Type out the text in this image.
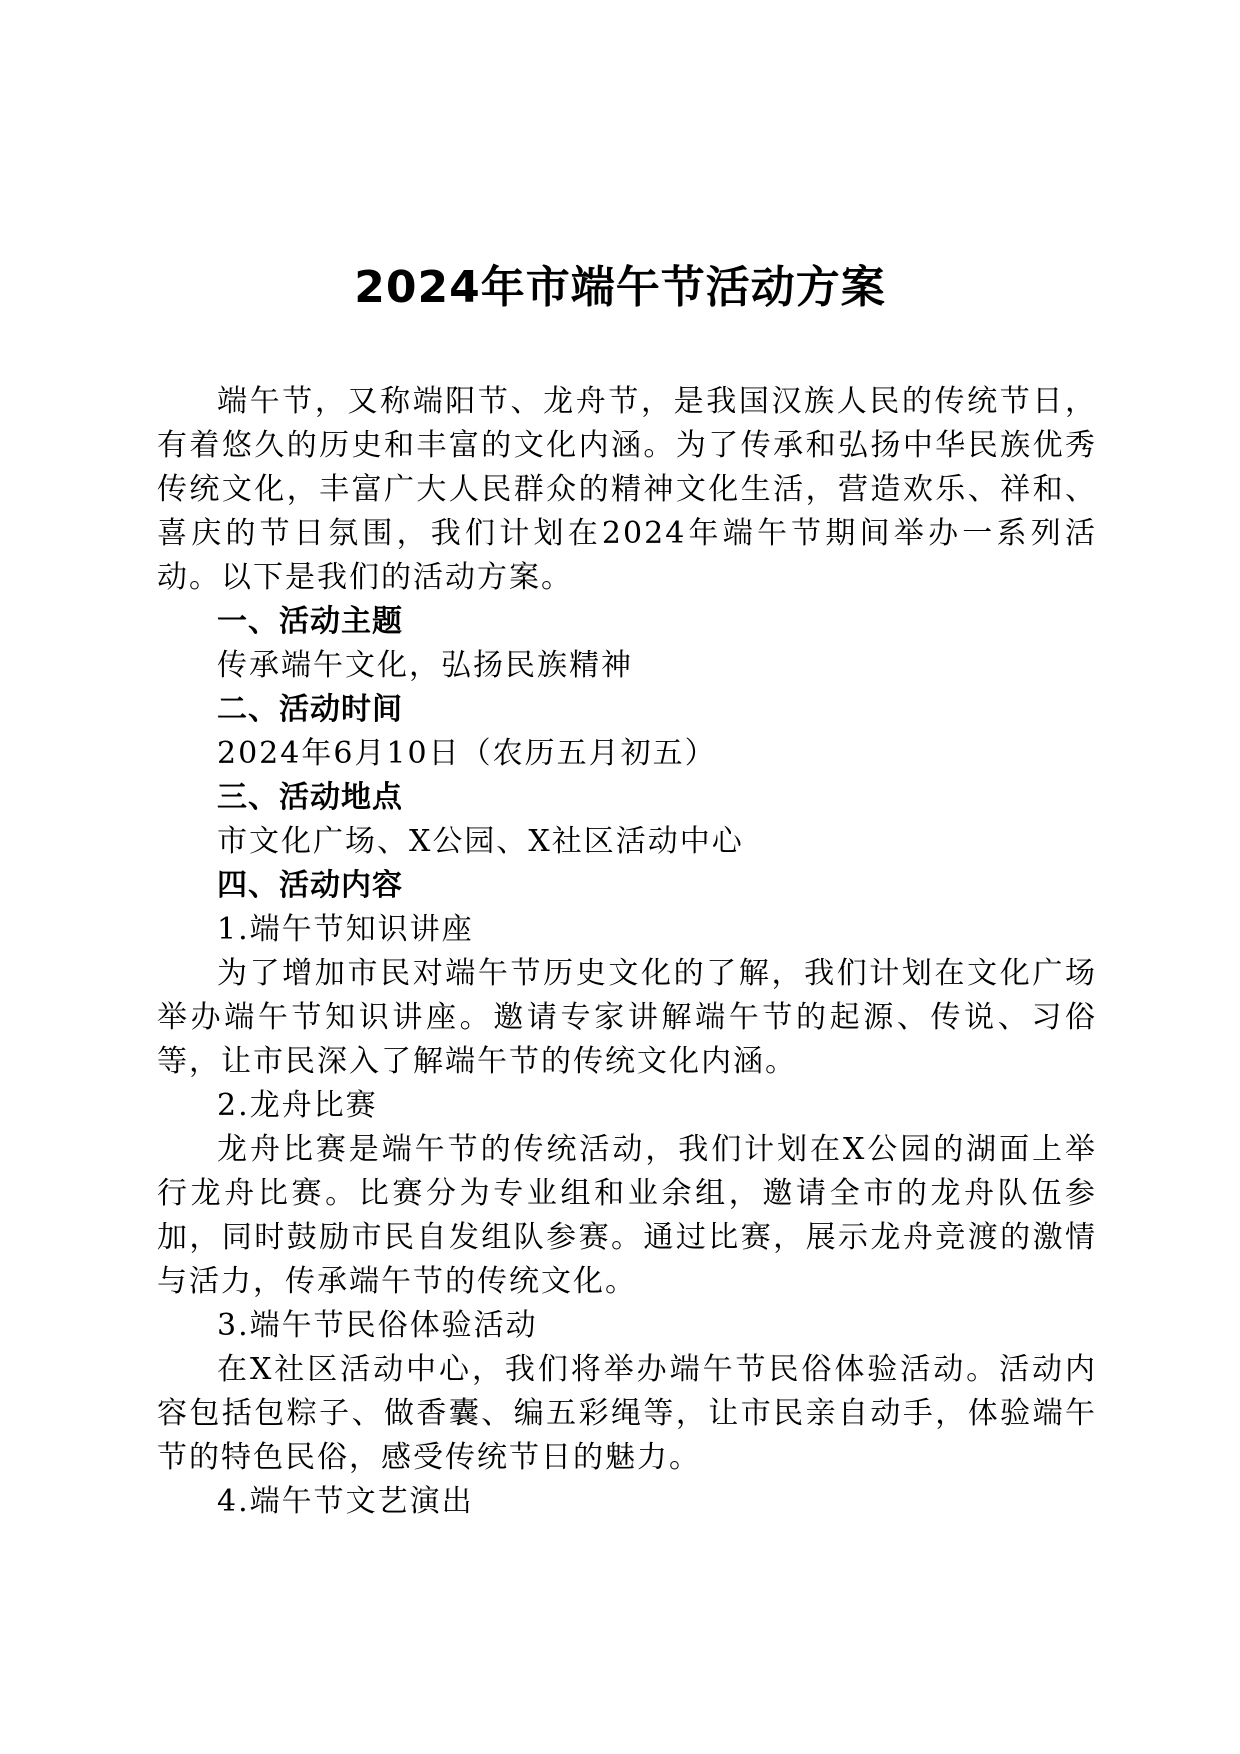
2024年市端午节活动方案

端午节，又称端阳节、龙舟节，是我国汉族人民的传统节日，有着悠久的历史和丰富的文化内涵。为了传承和弘扬中华民族优秀传统文化，丰富广大人民群众的精神文化生活，营造欢乐、祥和、喜庆的节日氛围，我们计划在2024年端午节期间举办一系列活动。以下是我们的活动方案。

一、活动主题

传承端午文化，弘扬民族精神

二、活动时间

2024年6月10日（农历五月初五）

三、活动地点

市文化广场、X公园、X社区活动中心

四、活动内容

1.端午节知识讲座

为了增加市民对端午节历史文化的了解，我们计划在文化广场举办端午节知识讲座。邀请专家讲解端午节的起源、传说、习俗等，让市民深入了解端午节的传统文化内涵。

2.龙舟比赛

龙舟比赛是端午节的传统活动，我们计划在X公园的湖面上举行龙舟比赛。比赛分为专业组和业余组，邀请全市的龙舟队伍参加，同时鼓励市民自发组队参赛。通过比赛，展示龙舟竞渡的激情与活力，传承端午节的传统文化。

3.端午节民俗体验活动

在X社区活动中心，我们将举办端午节民俗体验活动。活动内容包括包粽子、做香囊、编五彩绳等，让市民亲自动手，体验端午节的特色民俗，感受传统节日的魅力。

4.端午节文艺演出
